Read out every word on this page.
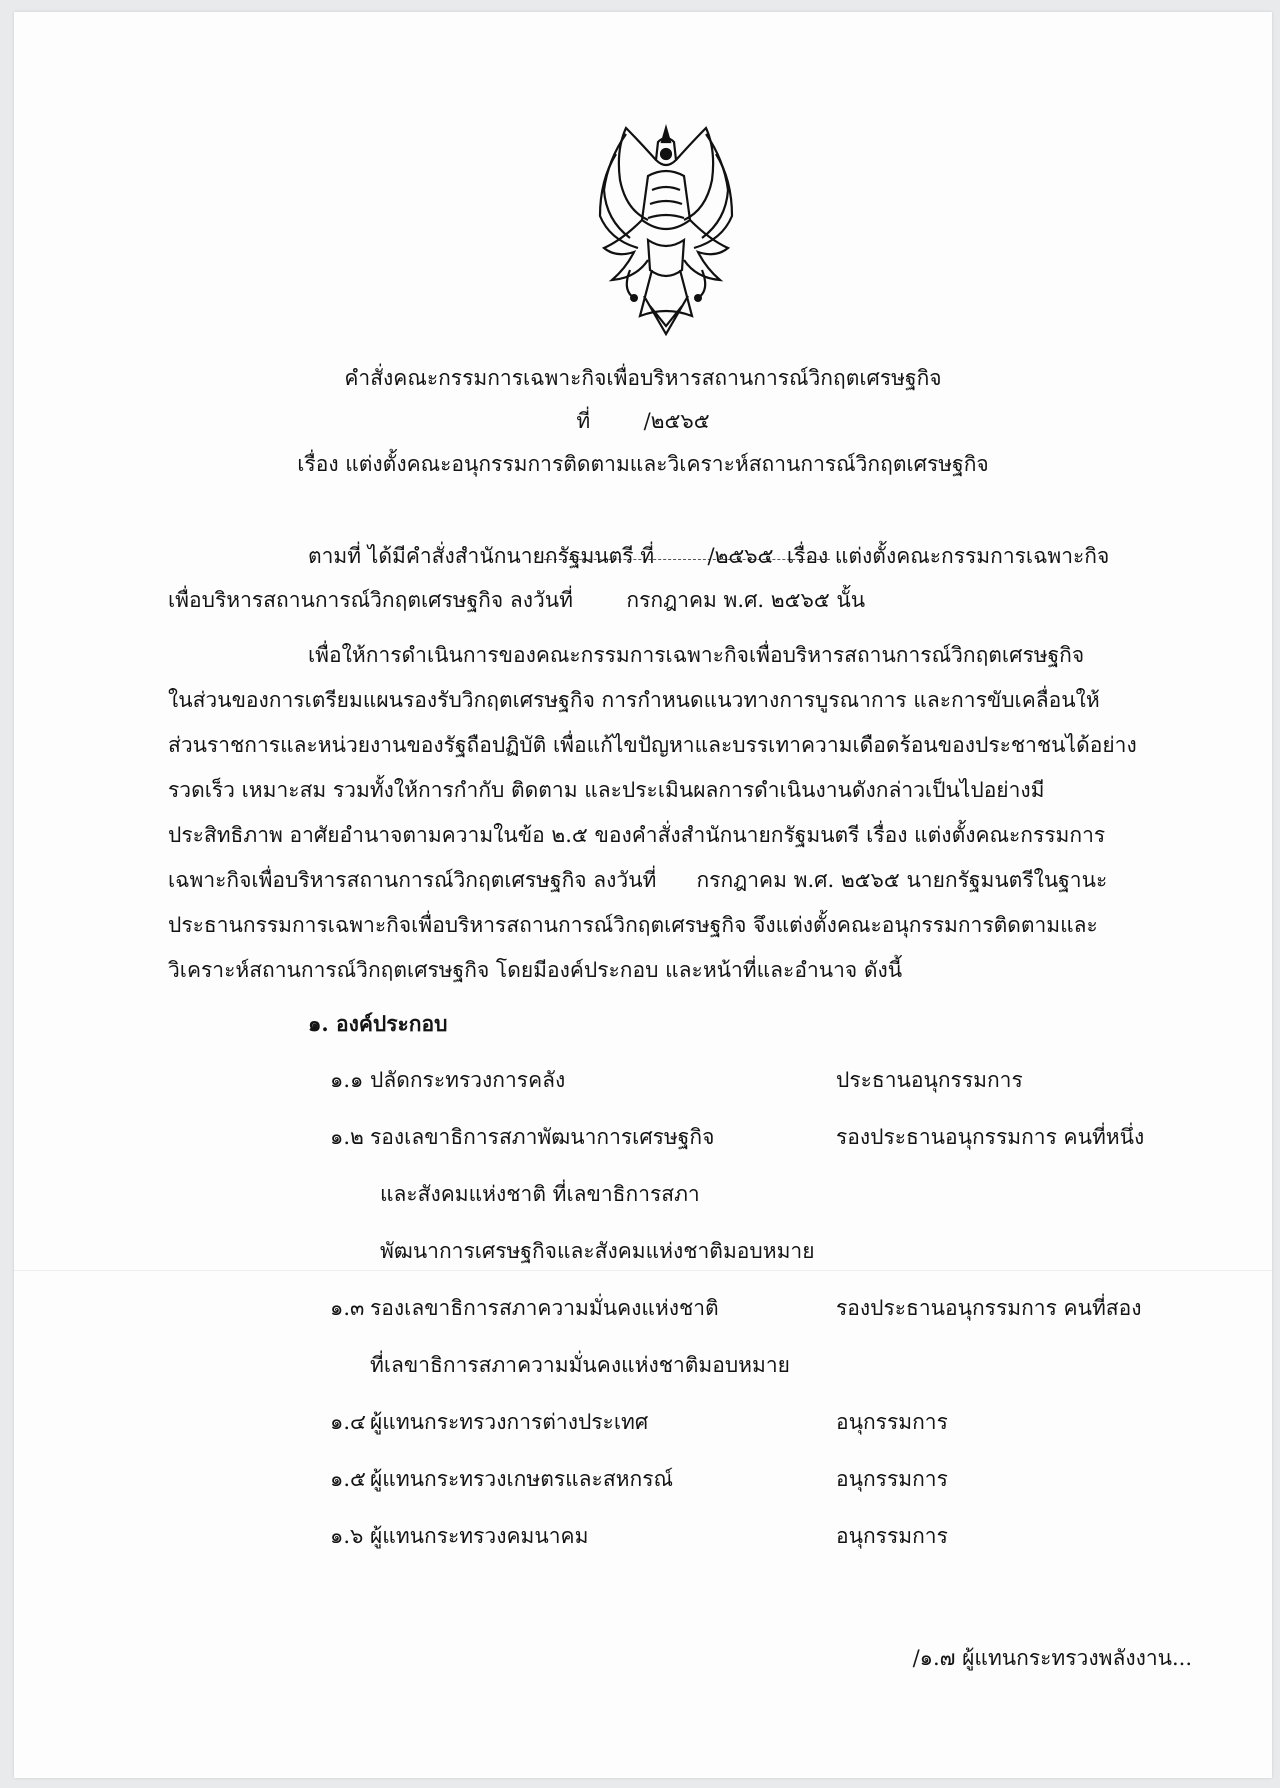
คำสั่งคณะกรรมการเฉพาะกิจเพื่อบริหารสถานการณ์วิกฤตเศรษฐกิจ
ที่        /๒๕๖๕
เรื่อง แต่งตั้งคณะอนุกรรมการติดตามและวิเคราะห์สถานการณ์วิกฤตเศรษฐกิจ
ตามที่ ได้มีคำสั่งสำนักนายกรัฐมนตรี ที่        /๒๕๖๕  เรื่อง แต่งตั้งคณะกรรมการเฉพาะกิจ
เพื่อบริหารสถานการณ์วิกฤตเศรษฐกิจ ลงวันที่        กรกฎาคม พ.ศ. ๒๕๖๕ นั้น
เพื่อให้การดำเนินการของคณะกรรมการเฉพาะกิจเพื่อบริหารสถานการณ์วิกฤตเศรษฐกิจ
ในส่วนของการเตรียมแผนรองรับวิกฤตเศรษฐกิจ การกำหนดแนวทางการบูรณาการ และการขับเคลื่อนให้
ส่วนราชการและหน่วยงานของรัฐถือปฏิบัติ เพื่อแก้ไขปัญหาและบรรเทาความเดือดร้อนของประชาชนได้อย่าง
รวดเร็ว เหมาะสม รวมทั้งให้การกำกับ ติดตาม และประเมินผลการดำเนินงานดังกล่าวเป็นไปอย่างมี
ประสิทธิภาพ อาศัยอำนาจตามความในข้อ ๒.๕ ของคำสั่งสำนักนายกรัฐมนตรี เรื่อง แต่งตั้งคณะกรรมการ
เฉพาะกิจเพื่อบริหารสถานการณ์วิกฤตเศรษฐกิจ ลงวันที่      กรกฎาคม พ.ศ. ๒๕๖๕ นายกรัฐมนตรีในฐานะ
ประธานกรรมการเฉพาะกิจเพื่อบริหารสถานการณ์วิกฤตเศรษฐกิจ จึงแต่งตั้งคณะอนุกรรมการติดตามและ
วิเคราะห์สถานการณ์วิกฤตเศรษฐกิจ โดยมีองค์ประกอบ และหน้าที่และอำนาจ ดังนี้
๑. องค์ประกอบ
๑.๑ ปลัดกระทรวงการคลัง	ประธานอนุกรรมการ
๑.๒ รองเลขาธิการสภาพัฒนาการเศรษฐกิจ	รองประธานอนุกรรมการ คนที่หนึ่ง
และสังคมแห่งชาติ ที่เลขาธิการสภา
พัฒนาการเศรษฐกิจและสังคมแห่งชาติมอบหมาย
๑.๓ รองเลขาธิการสภาความมั่นคงแห่งชาติ	รองประธานอนุกรรมการ คนที่สอง
ที่เลขาธิการสภาความมั่นคงแห่งชาติมอบหมาย
๑.๔ ผู้แทนกระทรวงการต่างประเทศ	อนุกรรมการ
๑.๕ ผู้แทนกระทรวงเกษตรและสหกรณ์	อนุกรรมการ
๑.๖ ผู้แทนกระทรวงคมนาคม	อนุกรรมการ
/๑.๗ ผู้แทนกระทรวงพลังงาน...
